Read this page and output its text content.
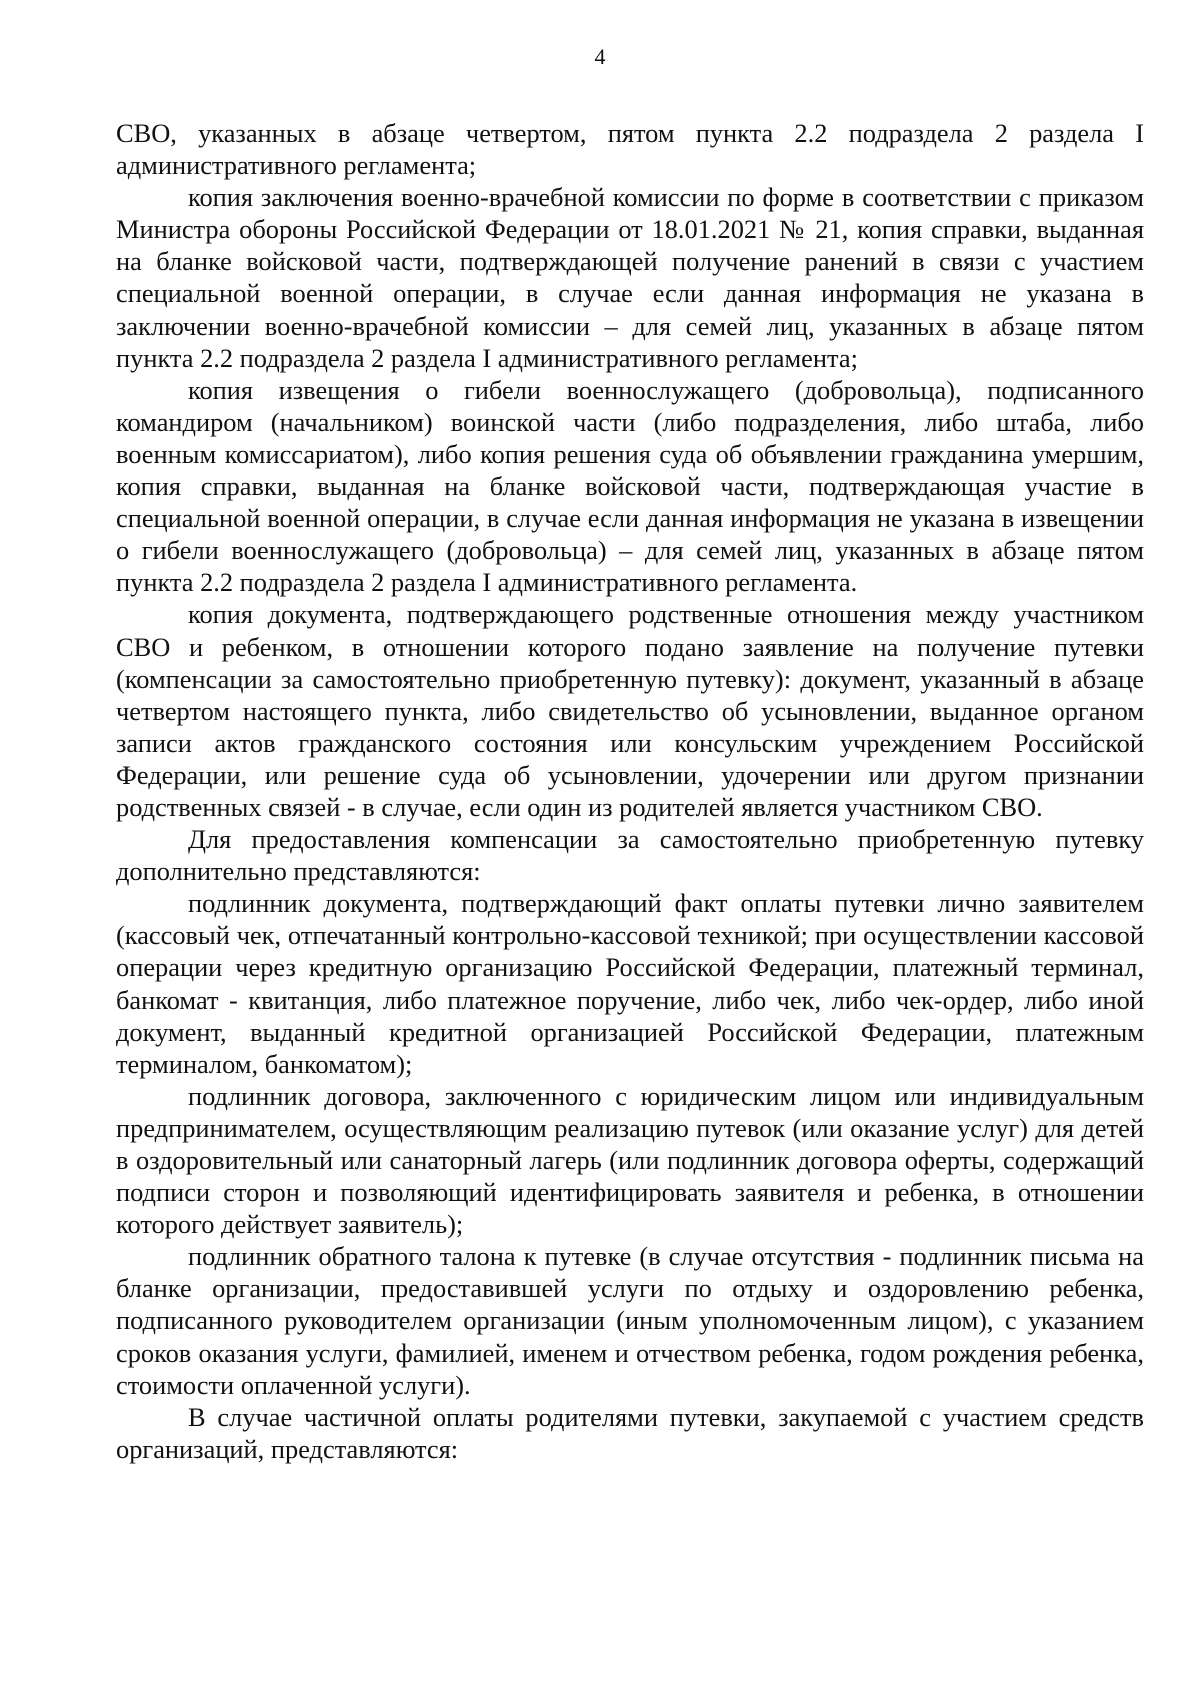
4

СВО, указанных в абзаце четвертом, пятом пункта 2.2 подраздела 2 раздела I административного регламента;

копия заключения военно-врачебной комиссии по форме в соответствии с приказом Министра обороны Российской Федерации от 18.01.2021 № 21, копия справки, выданная на бланке войсковой части, подтверждающей получение ранений в связи с участием специальной военной операции, в случае если данная информация не указана в заключении военно-врачебной комиссии – для семей лиц, указанных в абзаце пятом пункта 2.2 подраздела 2 раздела I административного регламента;

копия извещения о гибели военнослужащего (добровольца), подписанного командиром (начальником) воинской части (либо подразделения, либо штаба, либо военным комиссариатом), либо копия решения суда об объявлении гражданина умершим, копия справки, выданная на бланке войсковой части, подтверждающая участие в специальной военной операции, в случае если данная информация не указана в извещении о гибели военнослужащего (добровольца) – для семей лиц, указанных в абзаце пятом пункта 2.2 подраздела 2 раздела I административного регламента.

копия документа, подтверждающего родственные отношения между участником СВО и ребенком, в отношении которого подано заявление на получение путевки (компенсации за самостоятельно приобретенную путевку): документ, указанный в абзаце четвертом настоящего пункта, либо свидетельство об усыновлении, выданное органом записи актов гражданского состояния или консульским учреждением Российской Федерации, или решение суда об усыновлении, удочерении или другом признании родственных связей - в случае, если один из родителей является участником СВО.

Для предоставления компенсации за самостоятельно приобретенную путевку дополнительно представляются:

подлинник документа, подтверждающий факт оплаты путевки лично заявителем (кассовый чек, отпечатанный контрольно-кассовой техникой; при осуществлении кассовой операции через кредитную организацию Российской Федерации, платежный терминал, банкомат - квитанция, либо платежное поручение, либо чек, либо чек-ордер, либо иной документ, выданный кредитной организацией Российской Федерации, платежным терминалом, банкоматом);

подлинник договора, заключенного с юридическим лицом или индивидуальным предпринимателем, осуществляющим реализацию путевок (или оказание услуг) для детей в оздоровительный или санаторный лагерь (или подлинник договора оферты, содержащий подписи сторон и позволяющий идентифицировать заявителя и ребенка, в отношении которого действует заявитель);

подлинник обратного талона к путевке (в случае отсутствия - подлинник письма на бланке организации, предоставившей услуги по отдыху и оздоровлению ребенка, подписанного руководителем организации (иным уполномоченным лицом), с указанием сроков оказания услуги, фамилией, именем и отчеством ребенка, годом рождения ребенка, стоимости оплаченной услуги).

В случае частичной оплаты родителями путевки, закупаемой с участием средств организаций, представляются:
